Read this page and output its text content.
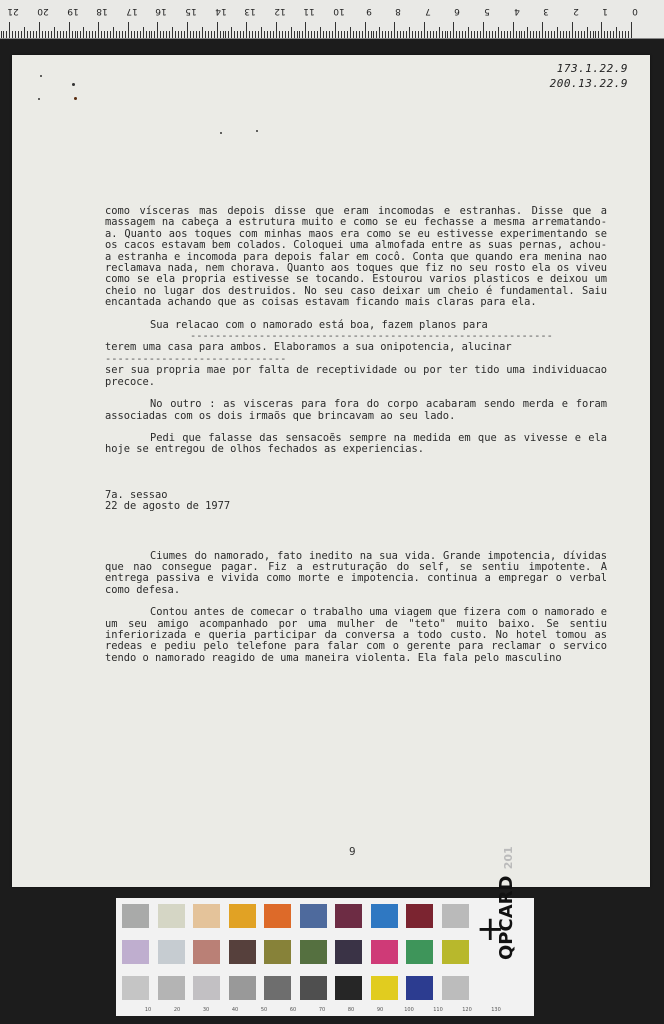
21 20 19 18 17 16 15 14 13 12 11 10 9	8	7	6	5	4	3	2	1	0
173.1.22.9
200.13.22.9

como vísceras mas depois disse que eram incomodas e estranhas. Disse que a massagem na cabeça a estrutura muito e como se eu fechasse a mesma arrematando-a. Quanto aos toques com minhas maos era como se eu estivesse experimentando se os cacos estavam bem colados. Coloquei uma almofada entre as suas pernas, achou-a estranha e incomoda para depois falar em cocô. Conta que quando era menina nao reclamava nada, nem chorava. Quanto aos toques que fiz no seu rosto ela os viveu como se ela propria estivesse se tocando. Estourou varios plasticos e deixou um cheio no lugar dos destruidos. No seu caso deixar um cheio é fundamental. Saiu encantada achando que as coisas estavam ficando mais claras para ela.

Sua relacao com o namorado está boa, fazem planos para

----------------------------------------------------------

terem uma casa para ambos. Elaboramos a sua onipotencia, alucinar

-----------------------------

ser sua propria mae por falta de receptividade ou por ter tido uma individuacao precoce.

No outro : as visceras para fora do corpo acabaram sendo merda e foram associadas com os dois irmaõs que brincavam ao seu lado.

Pedi que falasse das sensacoẽs sempre na medida em que as vivesse e ela hoje se entregou de olhos fechados as experiencias.

7a. sessao

22 de agosto de 1977

Ciumes do namorado, fato inedito na sua vida. Grande impotencia, dívidas que nao consegue pagar. Fiz a estruturação do self, se sentiu impotente. A entrega passiva e vivida como morte e impotencia. continua a empregar o verbal como defesa.

Contou antes de comecar o trabalho uma viagem que fizera com o namorado e um seu amigo acompanhado por uma mulher de "teto" muito baixo. Se sentiu inferiorizada e queria participar da conversa a todo custo. No hotel tomou as redeas e pediu pelo telefone para falar com o gerente para reclamar o servico tendo o namorado reagido de uma maneira violenta. Ela fala pelo masculino

9
+
QPCARD 201
10	20	30	40	50	60	70	80	90	100	110	120	130
